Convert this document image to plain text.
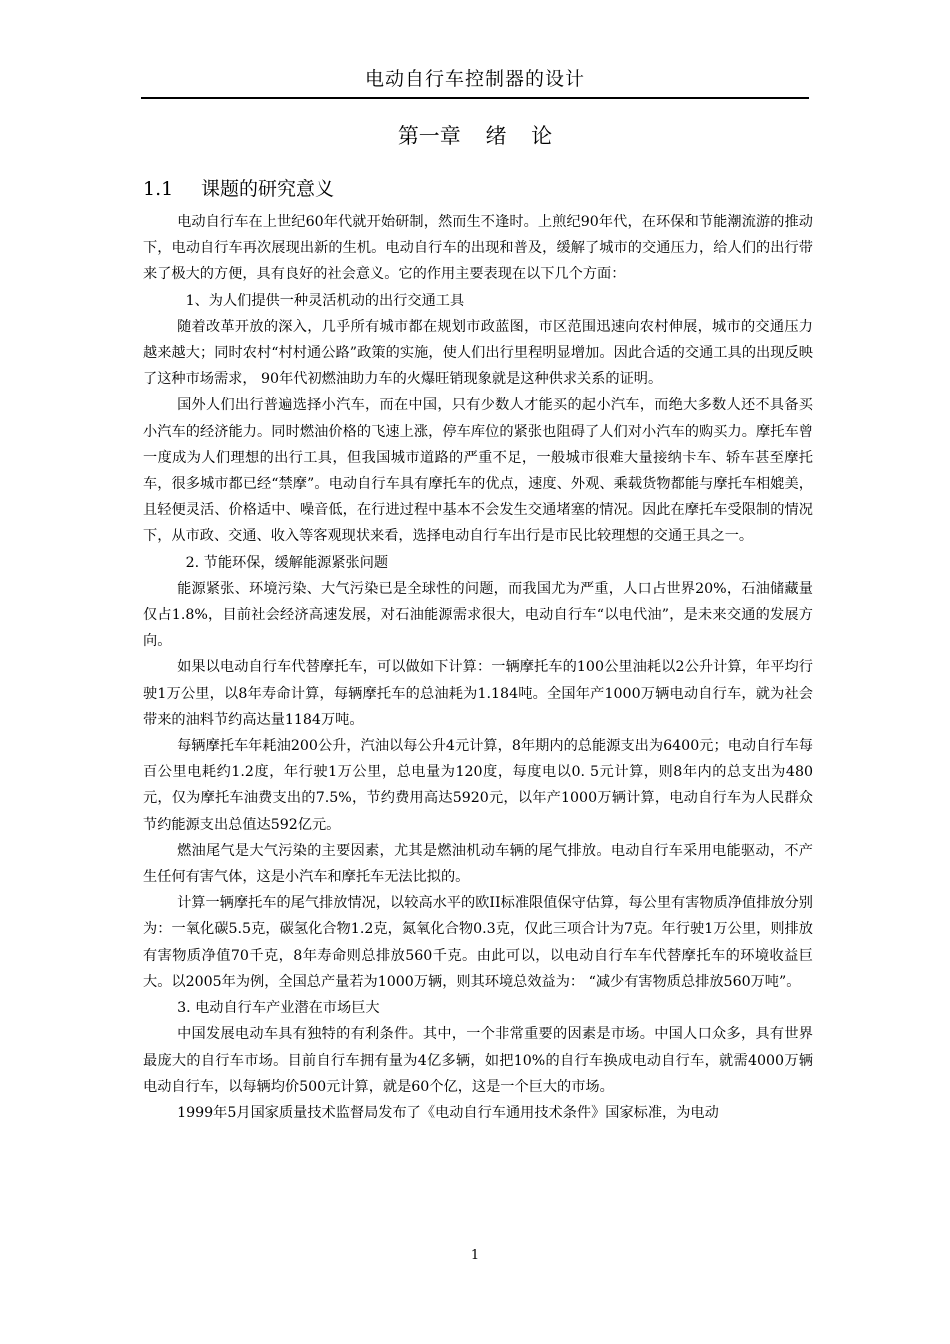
电动自行车控制器的设计
第一章 绪 论
1.1 课题的研究意义

电动自行车在上世纪60年代就开始研制，然而生不逢时。上煎纪90年代，在环保和节能潮流游的推动下，电动自行车再次展现出新的生机。电动自行车的出现和普及，缓解了城市的交通压力，给人们的出行带来了极大的方便，具有良好的社会意义。它的作用主要表现在以下几个方面：

1、为人们提供一种灵活机动的出行交通工具

随着改革开放的深入，几乎所有城市都在规划市政蓝图，市区范围迅速向农村伸展，城市的交通压力越来越大；同时农村“村村通公路”政策的实施，使人们出行里程明显增加。因此合适的交通工具的出现反映了这种市场需求， 90年代初燃油助力车的火爆旺销现象就是这种供求关系的证明。

国外人们出行普遍选择小汽车，而在中国，只有少数人才能买的起小汽车，而绝大多数人还不具备买小汽车的经济能力。同时燃油价格的飞速上涨，停车库位的紧张也阻碍了人们对小汽车的购买力。摩托车曾一度成为人们理想的出行工具，但我国城市道路的严重不足，一般城市很难大量接纳卡车、轿车甚至摩托车，很多城市都已经“禁摩”。电动自行车具有摩托车的优点，速度、外观、乘载货物都能与摩托车相媲美，且轻便灵活、价格适中、噪音低，在行进过程中基本不会发生交通堵塞的情况。因此在摩托车受限制的情况下，从市政、交通、收入等客观现状来看，选择电动自行车出行是市民比较理想的交通王具之一。

2. 节能环保，缓解能源紧张问题

能源紧张、环境污染、大气污染已是全球性的问题，而我国尤为严重，人口占世界20%，石油储藏量仅占1.8%，目前社会经济高速发展，对石油能源需求很大，电动自行车“以电代油”，是未来交通的发展方向。

如果以电动自行车代替摩托车，可以做如下计算：一辆摩托车的100公里油耗以2公升计算，年平均行驶1万公里，以8年寿命计算，每辆摩托车的总油耗为1.184吨。全国年产1000万辆电动自行车，就为社会带来的油料节约高达量1184万吨。

每辆摩托车年耗油200公升，汽油以每公升4元计算，8年期内的总能源支出为6400元；电动自行车每百公里电耗约1.2度，年行驶1万公里，总电量为120度，每度电以0. 5元计算，则8年内的总支出为480元，仅为摩托车油费支出的7.5%，节约费用高达5920元，以年产1000万辆计算，电动自行车为人民群众节约能源支出总值达592亿元。

燃油尾气是大气污染的主要因素，尤其是燃油机动车辆的尾气排放。电动自行车采用电能驱动，不产生任何有害气体，这是小汽车和摩托车无法比拟的。

计算一辆摩托车的尾气排放情况，以较高水平的欧II标准限值保守估算，每公里有害物质净值排放分别为：一氧化碳5.5克，碳氢化合物1.2克，氮氧化合物0.3克，仅此三项合计为7克。年行驶1万公里，则排放有害物质净值70千克，8年寿命则总排放560千克。由此可以，以电动自行车车代替摩托车的环境收益巨大。以2005年为例，全国总产量若为1000万辆，则其环境总效益为： “减少有害物质总排放560万吨”。

3. 电动自行车产业潜在市场巨大

中国发展电动车具有独特的有利条件。其中，一个非常重要的因素是市场。中国人口众多，具有世界最庞大的自行车市场。目前自行车拥有量为4亿多辆，如把10%的自行车换成电动自行车，就需4000万辆电动自行车，以每辆均价500元计算，就是60个亿，这是一个巨大的市场。

1999年5月国家质量技术监督局发布了《电动自行车通用技术条件》国家标准，为电动

1
